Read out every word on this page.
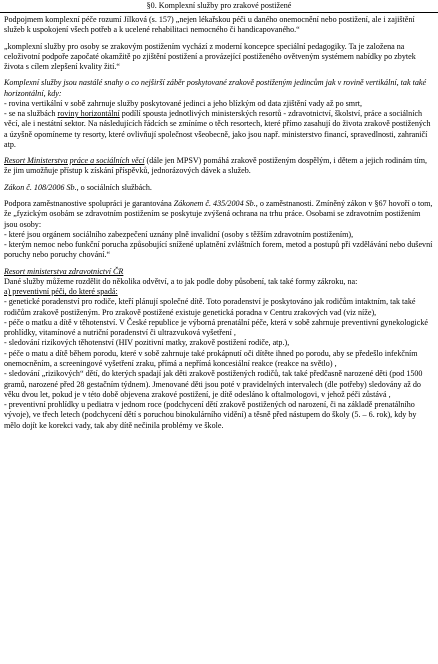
§0. Komplexní služby pro zrakové postižené

Podpojmem komplexní péče rozumí Jílková (s. 157) „nejen lékařskou péči u daného onemocnění nebo postižení, ale i zajištění služeb k uspokojení všech potřeb a k ucelené rehabilitaci nemocného či handicapovaného.“

„komplexní služby pro osoby se zrakovým postižením vychází z moderní koncepce speciální pedagogiky. Ta je založena na celoživotní podpoře započaté okamžitě po zjištění postižení a provázející postiženého ovětveným systémem nabídky po zbytek života s cílem zlepšení kvality žití.“

Komplexní služby jsou nastálé snahy o co nejširší záběr poskytované zrakově postiženým jedincům jak v rovině vertikální, tak také horizontální, kdy:
- rovina vertikální v sobě zahrnuje služby poskytované jedinci a jeho blízkým od data zjištění vady až po smrt,
- se na službách roviny horizontální podílí spousta jednotlivých ministerských resortů - zdravotnictví, školství, práce a sociálních věcí, ale i nestátní sektor. Na následujících řádcích se zmíníme o těch resortech, které přímo zasahují do života zrakově postižených a úzyšně opomíneme ty resorty, které ovlivňují společnost všeobecně, jako jsou např. ministerstvo financí, spravedlnosti, zahraničí atp.

Resort Ministerstva práce a sociálních věcí (dále jen MPSV) pomáhá zrakově postiženým dospělým, i dětem a jejich rodinám tím, že jim umožňuje přístup k získání příspěvků, jednorázových dávek a služeb.

Zákon č. 108/2006 Sb., o sociálních službách.

Podpora zaměstnanostive spolupráci je garantována Zákonem č. 435/2004 Sb., o zaměstnanosti. Zmíněný zákon v §67 hovoří o tom, že „fyzickým osobám se zdravotním postižením se poskytuje zvýšená ochrana na trhu práce. Osobami se zdravotním postižením jsou osoby:
- které jsou orgánem sociálního zabezpečení uznány plně invalidní (osoby s těžším zdravotním postižením),
- kterým nemoc nebo funkční porucha způsobující snížené uplatnění zvláštních forem, metod a postupů při vzdělávání nebo duševní poruchy nebo poruchy chování.“
Resort ministerstva zdravotnictví ČR
Dané služby můžeme rozdělit do několika odvětví, a to jak podle doby působení, tak také formy zákroku, na:
a) preventivní péči, do které spadá:
- genetické poradenství pro rodiče, kteří plánují společné dítě. Toto poradenství je poskytováno jak rodičům intaktním, tak také rodičům zrakově postiženým. Pro zrakově postižené existuje genetická poradna v Centru zrakových vad (viz níže),
- péče o matku a dítě v těhotenství. V České republice je výborná prenatální péče, která v sobě zahrnuje preventivní gynekologické prohlídky, vitamínové a nutriční poradenství či ultrazvuková vyšetření ,
- sledování rizikových těhotenství (HIV pozitivní matky, zrakově postižení rodiče, atp.),
- péče o matu a dítě během porodu, které v sobě zahrnuje také prokápnutí oči dítěte ihned po porodu, aby se předešlo infekčním onemocněním, a screeningové vyšetření zraku, přímá a nepřímá koncesiální reakce (reakce na světlo) ,
- sledování „rizikových“ dětí, do kterých spadají jak děti zrakově postižených rodičů, tak také předčasně narozené děti (pod 1500 gramů, narozené před 28 gestačním týdnem). Jmenované děti jsou poté v pravidelných intervalech (dle potřeby) sledovány až do věku dvou let, pokud je v této době objevena zrakové postižení, je dítě odesláno k oftalmologovi, v jehož péči zůstává ,
- preventivní prohlídky u pediatra v jednom roce (podchycení dětí zrakově postižených od narození, či na základě prenatálního vývoje), ve třech letech (podchycení dětí s poruchou binokulárního vidění) a těsně před nástupem do školy (5. – 6. rok), kdy by mělo dojít ke korekci vady, tak aby dítě nečinila problémy ve škole.
